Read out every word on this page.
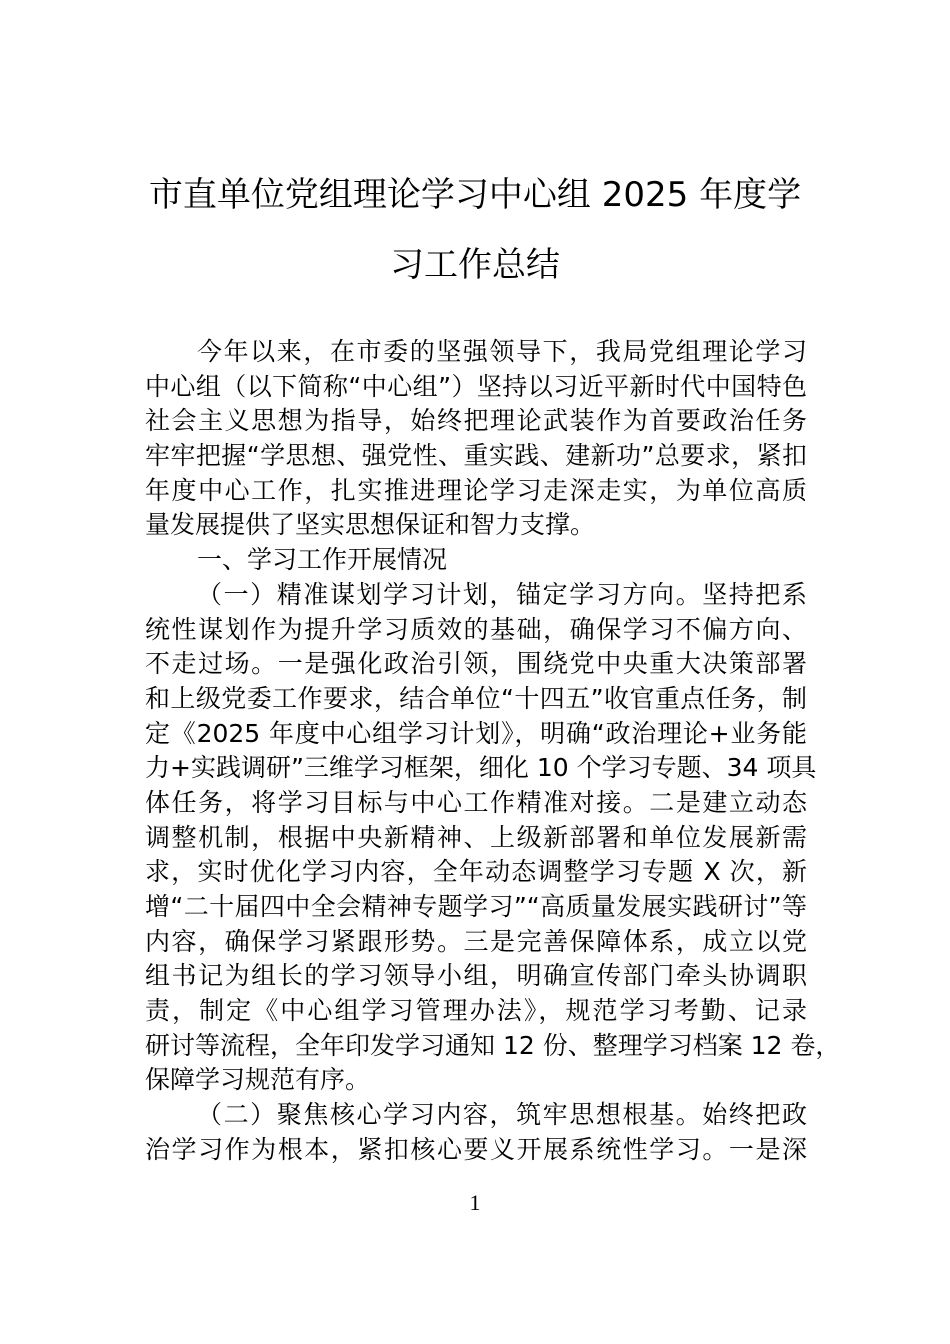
市直单位党组理论学习中心组 2025 年度学
习工作总结
今年以来，在市委的坚强领导下，我局党组理论学习
中心组（以下简称“中心组”）坚持以习近平新时代中国特色
社会主义思想为指导，始终把理论武装作为首要政治任务
牢牢把握“学思想、强党性、重实践、建新功”总要求，紧扣
年度中心工作，扎实推进理论学习走深走实，为单位高质
量发展提供了坚实思想保证和智力支撑。
一、学习工作开展情况
（一）精准谋划学习计划，锚定学习方向。坚持把系
统性谋划作为提升学习质效的基础，确保学习不偏方向、
不走过场。一是强化政治引领，围绕党中央重大决策部署
和上级党委工作要求，结合单位“十四五”收官重点任务，制
定《2025 年度中心组学习计划》，明确“政治理论+业务能
力+实践调研”三维学习框架，细化 10 个学习专题、34 项具
体任务，将学习目标与中心工作精准对接。二是建立动态
调整机制，根据中央新精神、上级新部署和单位发展新需
求，实时优化学习内容，全年动态调整学习专题 X 次，新
增“二十届四中全会精神专题学习”“高质量发展实践研讨”等
内容，确保学习紧跟形势。三是完善保障体系，成立以党
组书记为组长的学习领导小组，明确宣传部门牵头协调职
责，制定《中心组学习管理办法》，规范学习考勤、记录
研讨等流程，全年印发学习通知 12 份、整理学习档案 12 卷，
保障学习规范有序。
（二）聚焦核心学习内容，筑牢思想根基。始终把政
治学习作为根本，紧扣核心要义开展系统性学习。一是深
1
